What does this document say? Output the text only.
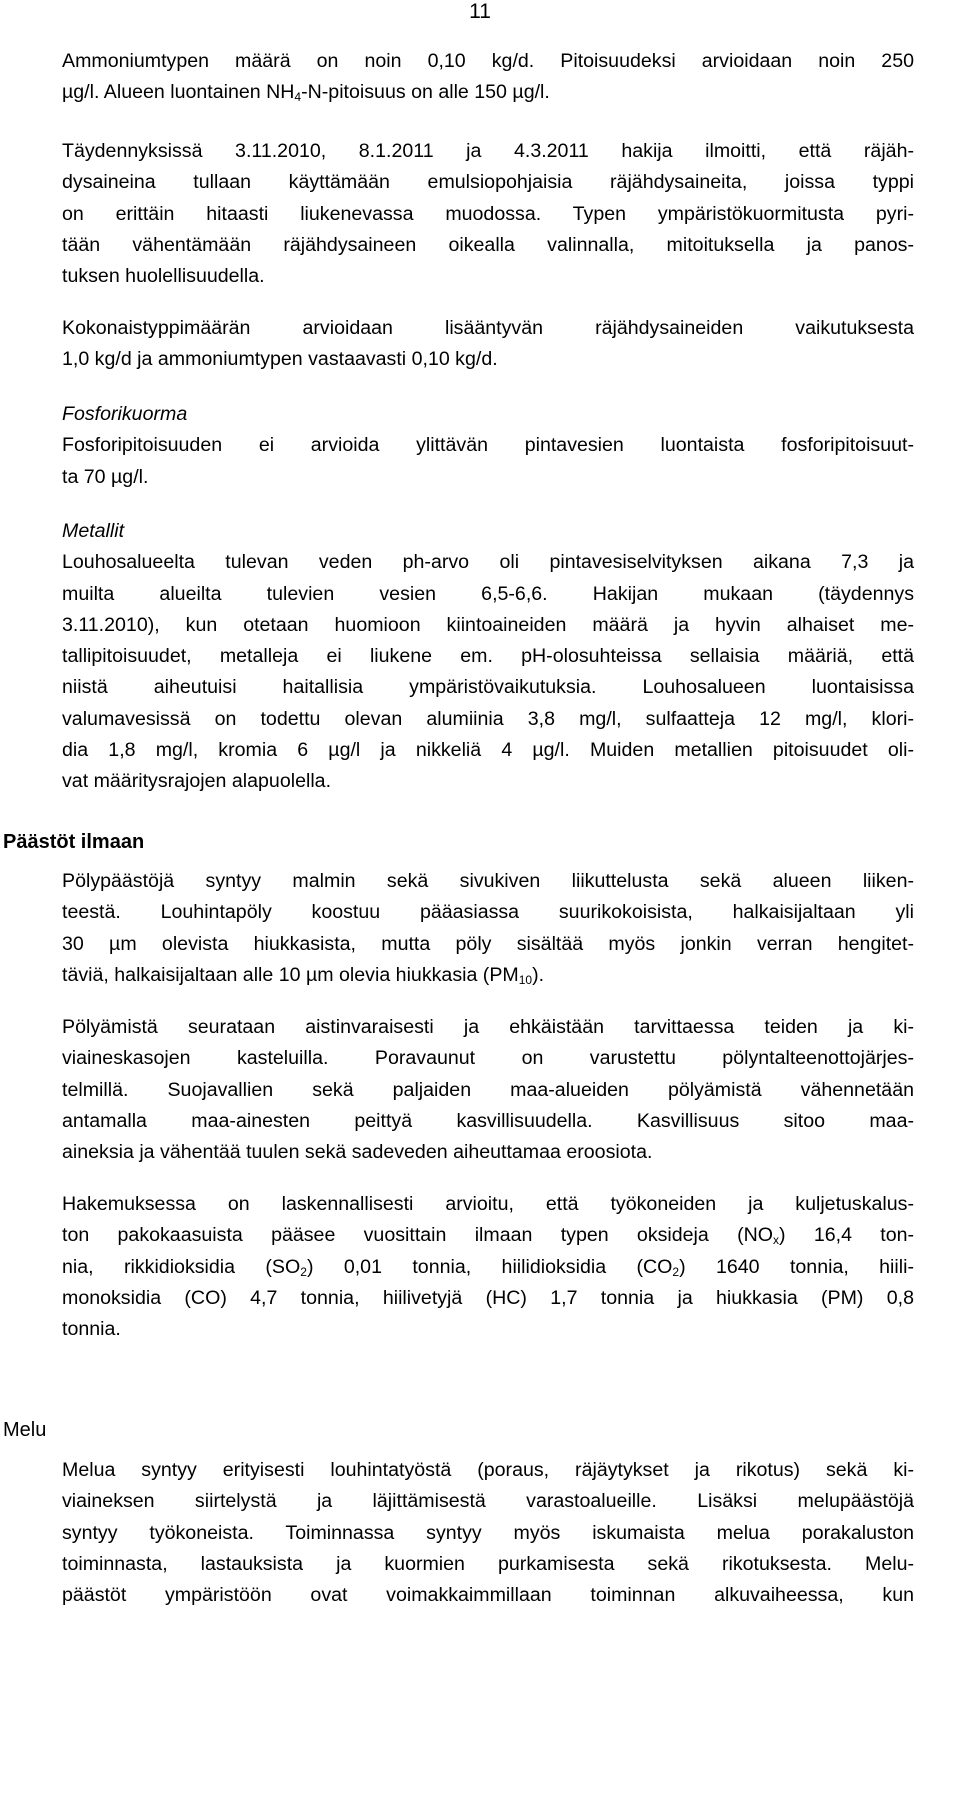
11
Ammoniumtypen määrä on noin 0,10 kg/d. Pitoisuudeksi arvioidaan noin 250
µg/l. Alueen luontainen $NH_4-N$-pitoisuus on alle 150 µg/l.
Täydennyksissä 3.11.2010, 8.1.2011 ja 4.3.2011 hakija ilmoitti, että räjäh-
dysaineina tullaan käyttämään emulsiopohjaisia räjähdysaineita, joissa typpi
on erittäin hitaasti liukenevassa muodossa. Typen ympäristökuormitusta pyri-
tään vähentämään räjähdysaineen oikealla valinnalla, mitoituksella ja panos-
tuksen huolellisuudella.
Kokonaistyppimäärän arvioidaan lisääntyvän räjähdysaineiden vaikutuksesta
1,0 kg/d ja ammoniumtypen vastaavasti 0,10 kg/d.
Fosforikuorma
Fosforipitoisuuden ei arvioida ylittävän pintavesien luontaista fosforipitoisuut-
ta 70 µg/l.
Metallit
Louhosalueelta tulevan veden ph-arvo oli pintavesiselvityksen aikana 7,3 ja
muilta alueilta tulevien vesien 6,5-6,6. Hakijan mukaan (täydennys
3.11.2010), kun otetaan huomioon kiintoaineiden määrä ja hyvin alhaiset me-
tallipitoisuudet, metalleja ei liukene em. pH-olosuhteissa sellaisia määriä, että
niistä aiheutuisi haitallisia ympäristövaikutuksia. Louhosalueen luontaisissa
valumavesissä on todettu olevan alumiinia 3,8 mg/l, sulfaatteja 12 mg/l, klori-
dia 1,8 mg/l, kromia 6 µg/l ja nikkeliä 4 µg/l. Muiden metallien pitoisuudet oli-
vat määritysrajojen alapuolella.
Päästöt ilmaan
Pölypäästöjä syntyy malmin sekä sivukiven liikuttelusta sekä alueen liiken-
teestä. Louhintapöly koostuu pääasiassa suurikokoisista, halkaisijaltaan yli
30 µm olevista hiukkasista, mutta pöly sisältää myös jonkin verran hengitet-
täviä, halkaisijaltaan alle 10 µm olevia hiukkasia $(PM_{10})$.
Pölyämistä seurataan aistinvaraisesti ja ehkäistään tarvittaessa teiden ja ki-
viaineskasojen kasteluilla. Poravaunut on varustettu pölyntalteenottojärjes-
telmillä. Suojavallien sekä paljaiden maa-alueiden pölyämistä vähennetään
antamalla maa-ainesten peittyä kasvillisuudella. Kasvillisuus sitoo maa-
aineksia ja vähentää tuulen sekä sadeveden aiheuttamaa eroosiota.
Hakemuksessa on laskennallisesti arvioitu, että työkoneiden ja kuljetuskalus-
ton pakokaasuista pääsee vuosittain ilmaan typen oksideja $(NO_x)$ 16,4 ton-
nia, rikkidioksidia $(SO_2)$ 0,01 tonnia, hiilidioksidia $(CO_2)$ 1640 tonnia, hiili-
monoksidia (CO) 4,7 tonnia, hiilivetyjä (HC) 1,7 tonnia ja hiukkasia (PM) 0,8
tonnia.
Melu
Melua syntyy erityisesti louhintatyöstä (poraus, räjäytykset ja rikotus) sekä ki-
viaineksen siirtelystä ja läjittämisestä varastoalueille. Lisäksi melupäästöjä
syntyy työkoneista. Toiminnassa syntyy myös iskumaista melua porakaluston
toiminnasta, lastauksista ja kuormien purkamisesta sekä rikotuksesta. Melu-
päästöt ympäristöön ovat voimakkaimmillaan toiminnan alkuvaiheessa, kun
